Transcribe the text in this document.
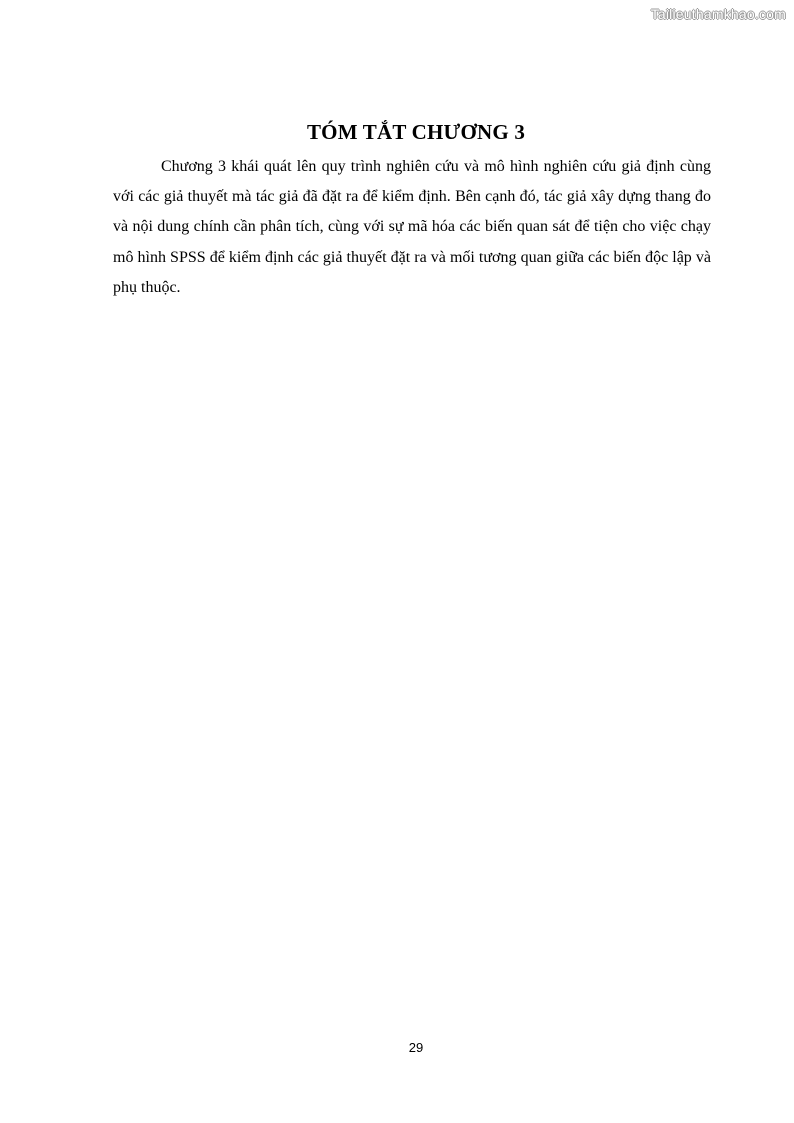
Tailieuthamkhao.com
TÓM TẮT CHƯƠNG 3

Chương 3 khái quát lên quy trình nghiên cứu và mô hình nghiên cứu giả định cùng với các giả thuyết mà tác giả đã đặt ra để kiểm định. Bên cạnh đó, tác giả xây dựng thang đo và nội dung chính cần phân tích, cùng với sự mã hóa các biến quan sát để tiện cho việc chạy mô hình SPSS để kiểm định các giả thuyết đặt ra và mối tương quan giữa các biến độc lập và phụ thuộc.

29
